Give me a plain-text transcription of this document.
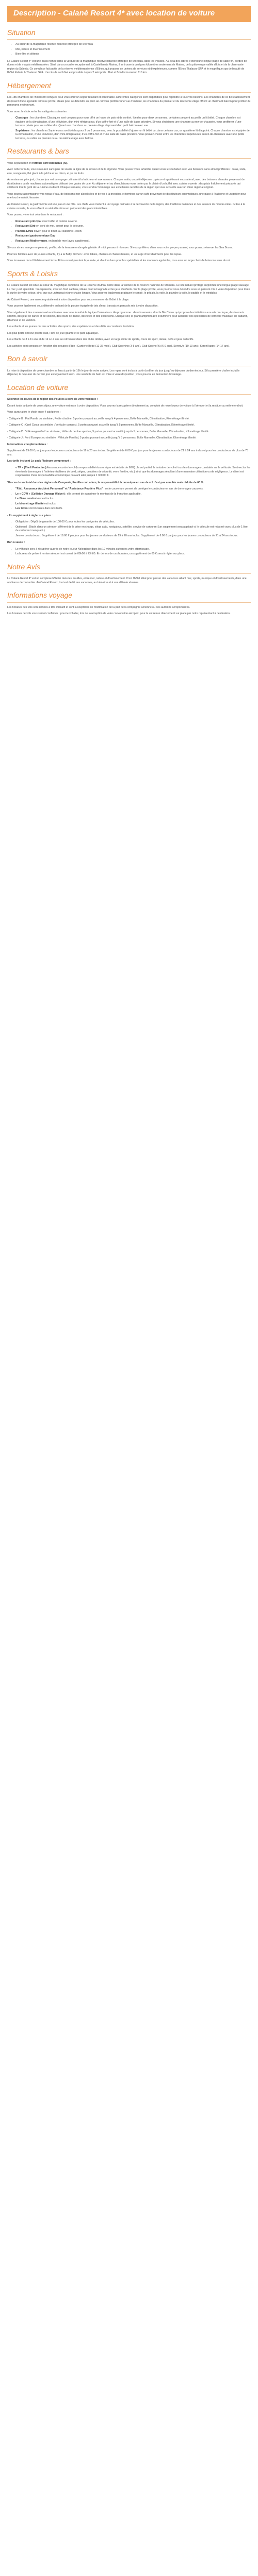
Description - Calané Resort 4* avec location de voiture
Situation
• Au cœur de la magnifique réserve naturelle protégée de Stornara
• Mer, nature et divertissement
• Bien-être et détente

Le Calané Resort 4* est une oasis nichée dans la verdure de la magnifique réserve naturelle protégée de Stornara, dans les Pouilles. Au-delà des arbres s'étend une longue plage de sable fin, bordée de dunes et de maquis méditerranéen. Situé dans un cadre exceptionnel, à Castellaneta Marina, il se trouve à quelques kilomètres seulement de Matera, de la pittoresque vallée d'Itria et de la charmante région du Salento. Ce complexe fait partie de la réserve méditerranéenne d'Ethos, qui propose un univers de services et d'expériences, comme l'Ethos Thalasso SPA et le magnifique spa de beauté de l'hôtel Kalaria & Thalasso SPA. L'accès de cet hôtel est possible depuis 2 aéroports : Bari et Brindisi à environ 110 km.

Hébergement

Les 185 chambres de l'hôtel sont conçues pour vous offrir un séjour relaxant et confortable. Différentes catégories sont disponibles pour répondre à tous vos besoins. Les chambres de ce bel établissement disposent d'une agréable terrasse privée, idéale pour se détendre en plein air. Si vous préférez une vue d'en haut, les chambres du premier et du deuxième étage offrent un charmant balcon pour profiter du panorama environnant.

Vous aurez le choix entre les catégories suivantes :

• Classique : les chambres Classiques sont conçues pour vous offrir un havre de paix et de confort. Idéales pour deux personnes, certaines peuvent accueillir un lit bébé. Chaque chambre est équipée de la climatisation, d'une télévision, d'un mini-réfrigérateur, d'un coffre-fort et d'une salle de bains privative. Si vous choisissez une chambre au rez-de-chaussée, vous profiterez d'une terrasse privée pour vous détendre. Quant aux chambres au premier étage disposent d'un petit balcon avec vue.
• Supérieure : les chambres Supérieures sont idéales pour 2 ou 3 personnes, avec la possibilité d'ajouter un lit bébé ou, dans certains cas, un quatrième lit d'appoint. Chaque chambre est équipée de la climatisation, d'une télévision, d'un mini-réfrigérateur, d'un coffre-fort et d'une salle de bains privative. Vous pouvez choisir entre les chambres Supérieures au rez-de-chaussée avec une petite terrasse, ou celles au premier ou au deuxième étage avec balcon.
Restaurants & bars

Vous séjournerez en formule soft tout inclus (AI).

Avec cette formule, vous savourez sans plus de soucis la ligne de la saveur et de la légèreté. Vous pouvez vous rafraîchir quand vous le souhaitez avec vos boissons sans alcool préférées : colas, soda, eau, orangeade, thé glacé à la pêche et au citron, et jus de fruits.

Au restaurant principal, chaque jour est un voyage culinaire à la fraîcheur et aux saveurs. Chaque matin, un petit-déjeuner copieux et appétissant vous attend, avec des boissons chaudes provenant de distributeurs ou de machines automatiques utilisant des grains de café. Au déjeuner et au dîner, laissez-vous tenter par le plaisir d'un buffet avec cuisine ouverte : des plats fraîchement préparés qui célèbrent tout le goût de la cuisine en direct. Chaque semaine, vous rendrez hommage aux excellentes recettes de la région qui vous accueille avec un dîner régional original.

Vous pouvez accompagner vos repas d'eau, de boissons non alcoolisées et de vin à la pression, et terminer par un café provenant de distributeurs automatiques, une glace à l'italienne et un goûter pour une touche rafraîchissante.

Au Calané Resort, la gastronomie est une joie et une fête. Les chefs vous invitent à un voyage culinaire à la découverte de la région, des traditions italiennes et des saveurs du monde entier. Grâce à la cuisine ouverte, ils vous offrent un véritable show en préparant des plats irrésistibles.

Vous pouvez vivre tout cela dans le restaurant :

• Restaurant principal avec buffet et cuisine ouverte.
• Restaurant Sirò en bord de mer, ouvert pour le déjeuner.
• Pizzeria Ethra ouvert pour le dîner, au Islandino Resort.
• Restaurant gastronomique Dap
• Restaurant Mediterraneo, en bord de mer (avec supplément).

Si vous aimez manger en plein air, profitez de la terrasse ombragée géniale. À midi, pensez à réserver. Si vous préférez dîner sous votre propre parasol, vous pouvez réserver les Sea Boxes.

Pour les familles avec de jeunes enfants, il y a la Baby Kitchen : avec tables, chaises et chaises hautes, et un large choix d'aliments pour les repas.

Vous trouverez dans l'établissement le bar Ethra ouvert pendant la journée, et d'autres bars pour les spécialités et les moments agréables, tous avec un large choix de boissons sans alcool.

Sports & Loisirs

Le Calané Resort est situé au cœur du magnifique complexe de la Réserve d'Ethra, niché dans la verdure de la réserve naturelle de Stornara. Ce site naturel protégé surplombe une longue plage sauvage. La mer y est splendide : transparente, avec un fond sableux, idéale pour la baignade et les jeux d'enfants. Sur la plage privée, vous pourrez vous détendre sous un parasol mis à votre disposition pour toute la durée de votre séjour, ainsi que sur un transat et une chaise longue. Vous pourrez également pratiquer le canoë, le pédalo, la voile, la planche à voile, le paddle et le windgliss.

Au Calané Resort, une navette gratuite est à votre disposition pour vous emmener de l'hôtel à la plage.

Vous pourrez également vous détendre au bord de la piscine équipée de jets d'eau, transats et parasols mis à votre disposition.

Vivez également des moments extraordinaires avec une formidable équipe d'animateurs. Au programme : divertissements, dont le Bio Circus qui propose des initiations aux arts du cirque, des tournois sportifs, des jeux de cartes et de société, des cours de danse, des fêtes et des excursions. Chaque soir, le grand amphithéâtre s'illuminera pour accueillir des spectacles de comédie musicale, de cabaret, d'humour et de variétés.

Les enfants et les jeunes ont des activités, des sports, des expériences et des défis en constante évolution.

Les plus petits ont leur propre club, l'aire de jeux géante et le parc aquatique.

Les enfants de 3 à 11 ans et de 14 à 17 ans se retrouvent dans des clubs dédiés, avec un large choix de sports, cours de sport, danse, défis et jeux collectifs.

Les activités sont conçues en fonction des groupes d'âge : Garderie Bébé (12-36 mois), Club Serenino (3-5 ans), Club SerenoPiù (6-9 ans), SerenUp (10-13 ans), SerenHappy (14-17 ans).

Bon à savoir

La mise à disposition de votre chambre se fera à partir de 16h le jour de votre arrivée. Les repas sont inclus à partir du dîner du jour jusqu'au déjeuner du dernier jour. Si la première chaîne inclut le déjeuner, le déjeuner du dernier jour est également servi. Une serviette de bain est mise à votre disposition ; vous pouvez en demander davantage.

Location de voiture

Sillonnez les routes de la région des Pouilles à bord de votre véhicule !

Durant toute la durée de votre séjour, une voiture est mise à votre disposition. Vous pourrez la récupérer directement au comptoir de notre loueur de voiture à l'aéroport et la restituer au même endroit.

Vous aurez alors le choix entre 4 catégories :

- Catégorie B : Fiat Panda ou similaire ; Petite citadine, 5 portes pouvant accueillir jusqu'à 4 personnes, Boîte Manuelle, Climatisation, Kilométrage illimité.

- Catégorie C : Opel Corsa ou similaire ; Véhicule compact, 5 portes pouvant accueillir jusqu'à 5 personnes, Boîte Manuelle, Climatisation, Kilométrage illimité.

- Catégorie D : Volkswagen Golf ou similaire ; Véhicule berline sportive, 5 portes pouvant accueillir jusqu'à 5 personnes, Boîte Manuelle, Climatisation, Kilométrage illimité.

- Catégorie J : Ford Ecosport ou similaire ; Véhicule Familial, 5 portes pouvant accueillir jusqu'à 5 personnes, Boîte Manuelle, Climatisation, Kilométrage illimité.

Informations complémentaires :

Supplément de 19.00 € par jour pour les jeunes conducteurs de 19 à 20 ans inclus. Supplément de 6.00 € par jour pour les jeunes conducteurs de 21 à 24 ans inclus et pour les conducteurs de plus de 75 ans.

Les tarifs incluent Le pack Platinum comprenant :

• « TP » (Theft Protection) Assurance contre le vol (la responsabilité économique est réduite de 60%) ; le vol partiel, la tentative de vol et tous les dommages constatés sur le véhicule. Sont exclus les éventuels dommages à l'intérieur (taillieres de bord, sièges, cendriers de sécurité, verre fenêtre, etc.) ainsi que les dommages résultant d'une mauvaise utilisation ou de négligence. Le client est responsable d'une responsabilité économique pouvant aller jusqu'à 1 300.00 €.

*En cas de vol total dans les régions de Campanie, Pouilles ou Latium, la responsabilité économique en cas de vol n'est pas annulée mais réduite de 60 %.

• "P.A.I. Assurance Accident Personnel" et "Assistance Routière Plus" : cette couverture permet de protéger le conducteur en cas de dommages corporels.
• Le « CDW » (Collision Damage Waiver) ; elle permet de supprimer le montant de la franchise applicable.
• Le 2ème conducteur est inclus
• Le kilométrage illimité est inclus.
• Les taxes sont incluses dans nos tarifs.

- En supplément à régler sur place :

• Obligatoire : Dépôt de garantie de 100.00 € pour toutes les catégories de véhicules.
• Optionnel : Dépôt dans un aéroport différent de la prise en charge, siège auto, navigateur, satellite, service de carburant (un supplément sera appliqué si le véhicule est retourné avec plus de 1 litre de carburant manquant.)
• Jeunes conducteurs : Supplément de 19.00 € par jour pour les jeunes conducteurs de 19 à 20 ans inclus. Supplément de 6.00 € par jour pour les jeunes conducteurs de 21 à 24 ans inclus.

Bon à savoir :

• Le véhicule sera à récupérer auprès de notre loueur Noleggiare dans les 19 minutes suivantes votre atterrissage.
• La bureau de présent remise aéroport est ouvert de 08h00 à 23h00. En dehors de ces horaires, un supplément de 60 € sera à régler sur place.
Notre Avis

Le Calané Resort 4* est un complexe hôtelier dans les Pouilles, entre mer, nature et divertissement. C'est l'hôtel idéal pour passer des vacances alliant mer, sports, musique et divertissements, dans une ambiance décontractée. Au Calané Resort, tout est dédié aux vacances, au bien-être et à une détente absolue.

Informations voyage

Les horaires des vols sont donnés à titre indicatif et sont susceptibles de modification de la part de la compagnie aérienne ou des autorités aéroportuaires.

Les horaires de vols vous seront confirmés : pour le vol aller, lors de la réception de votre convocation aéroport, pour le vol retour directement sur place par notre représentant à destination.
